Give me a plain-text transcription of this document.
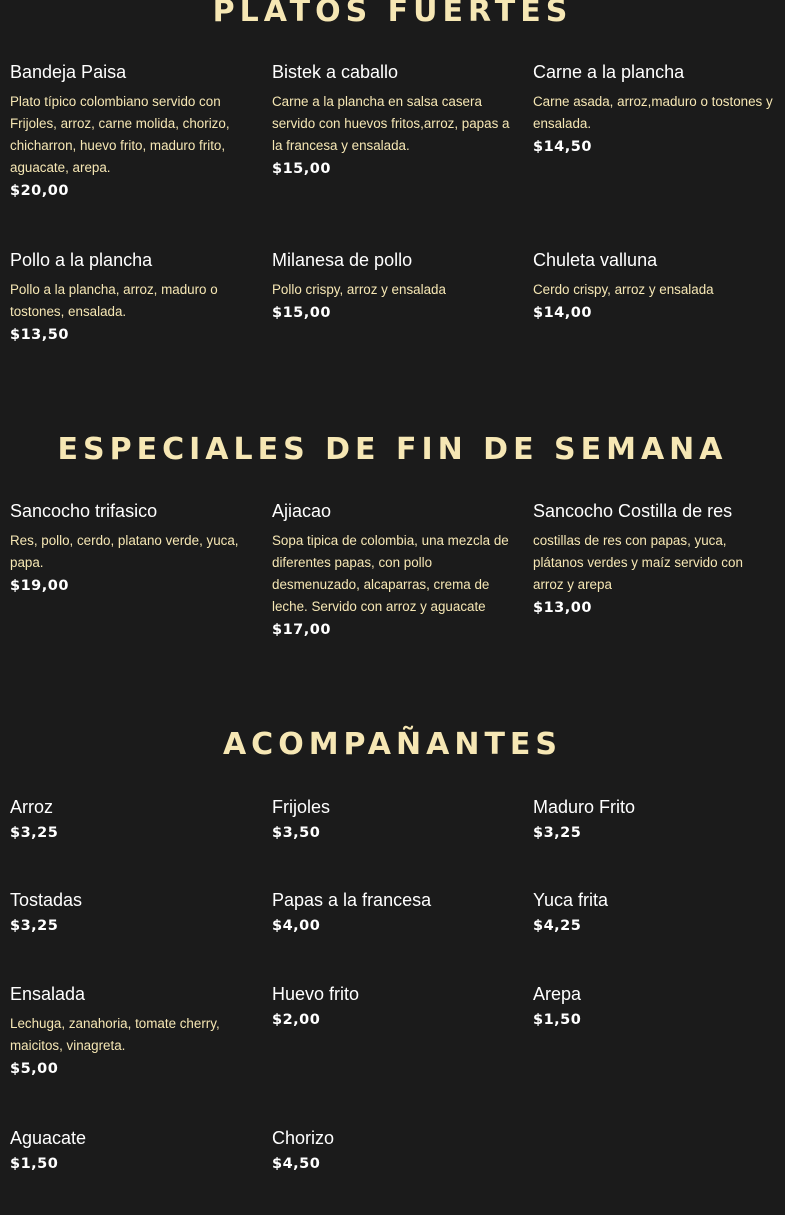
PLATOS FUERTES
Bandeja Paisa
Plato típico colombiano servido con Frijoles, arroz, carne molida, chorizo, chicharron, huevo frito, maduro frito, aguacate, arepa.
$20,00
Bistek a caballo
Carne a la plancha en salsa casera servido con huevos fritos,arroz, papas a la francesa y ensalada.
$15,00
Carne a la plancha
Carne asada, arroz,maduro o tostones y ensalada.
$14,50
Pollo a la plancha
Pollo a la plancha, arroz, maduro o tostones, ensalada.
$13,50
Milanesa de pollo
Pollo crispy, arroz y ensalada
$15,00
Chuleta valluna
Cerdo crispy, arroz y ensalada
$14,00
ESPECIALES DE FIN DE SEMANA
Sancocho trifasico
Res, pollo, cerdo, platano verde, yuca, papa.
$19,00
Ajiacao
Sopa tipica de colombia, una mezcla de diferentes papas, con pollo desmenuzado, alcaparras, crema de leche. Servido con arroz y aguacate
$17,00
Sancocho Costilla de res
costillas de res con papas, yuca, plátanos verdes y maíz servido con arroz y arepa
$13,00
ACOMPAÑANTES
Arroz
$3,25
Frijoles
$3,50
Maduro Frito
$3,25
Tostadas
$3,25
Papas a la francesa
$4,00
Yuca frita
$4,25
Ensalada
Lechuga, zanahoria, tomate cherry, maicitos, vinagreta.
$5,00
Huevo frito
$2,00
Arepa
$1,50
Aguacate
$1,50
Chorizo
$4,50
